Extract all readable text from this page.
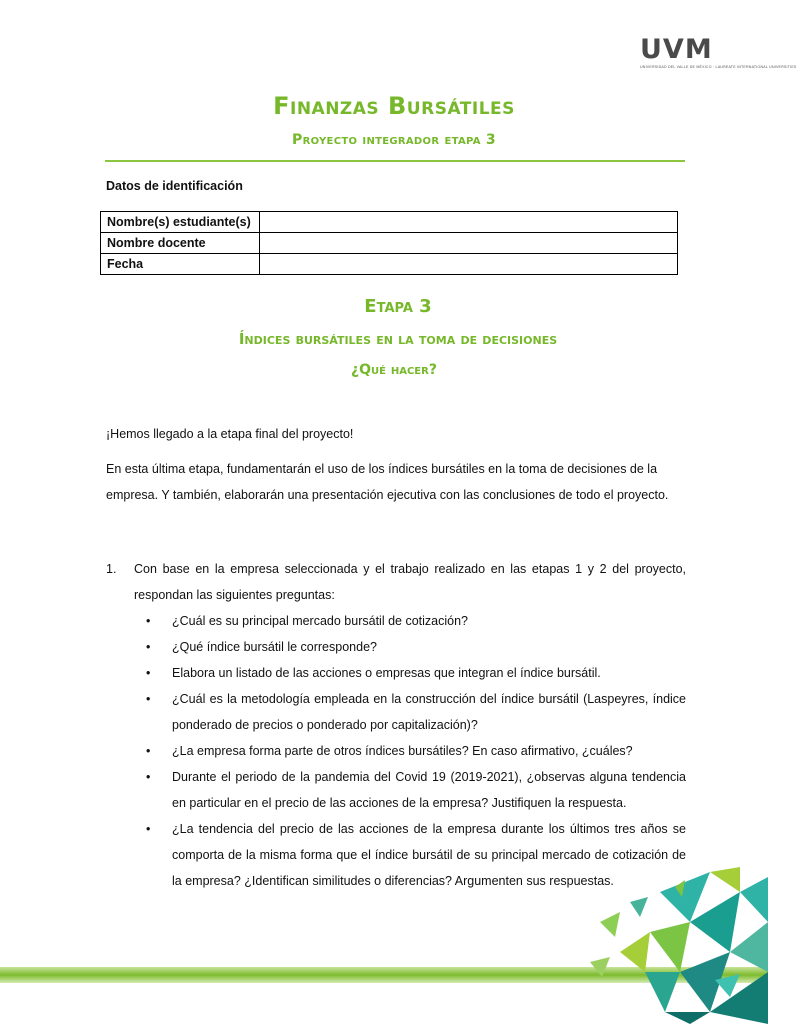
UVM
UNIVERSIDAD DEL VALLE DE MÉXICO · LAUREATE INTERNATIONAL UNIVERSITIES
Finanzas Bursátiles
Proyecto integrador etapa 3
Datos de identificación
Nombre(s) estudiante(s)	
Nombre docente	
Fecha	
Etapa 3
Índices bursátiles en la toma de decisiones
¿Qué hacer?
¡Hemos llegado a la etapa final del proyecto!
En esta última etapa, fundamentarán el uso de los índices bursátiles en la toma de decisiones de la empresa. Y también, elaborarán una presentación ejecutiva con las conclusiones de todo el proyecto.
1. Con base en la empresa seleccionada y el trabajo realizado en las etapas 1 y 2 del proyecto, respondan las siguientes preguntas:
• ¿Cuál es su principal mercado bursátil de cotización?
• ¿Qué índice bursátil le corresponde?
• Elabora un listado de las acciones o empresas que integran el índice bursátil.
• ¿Cuál es la metodología empleada en la construcción del índice bursátil (Laspeyres, índice ponderado de precios o ponderado por capitalización)?
• ¿La empresa forma parte de otros índices bursátiles? En caso afirmativo, ¿cuáles?
• Durante el periodo de la pandemia del Covid 19 (2019-2021), ¿observas alguna tendencia en particular en el precio de las acciones de la empresa? Justifiquen la respuesta.
• ¿La tendencia del precio de las acciones de la empresa durante los últimos tres años se comporta de la misma forma que el índice bursátil de su principal mercado de cotización de la empresa? ¿Identifican similitudes o diferencias? Argumenten sus respuestas.
